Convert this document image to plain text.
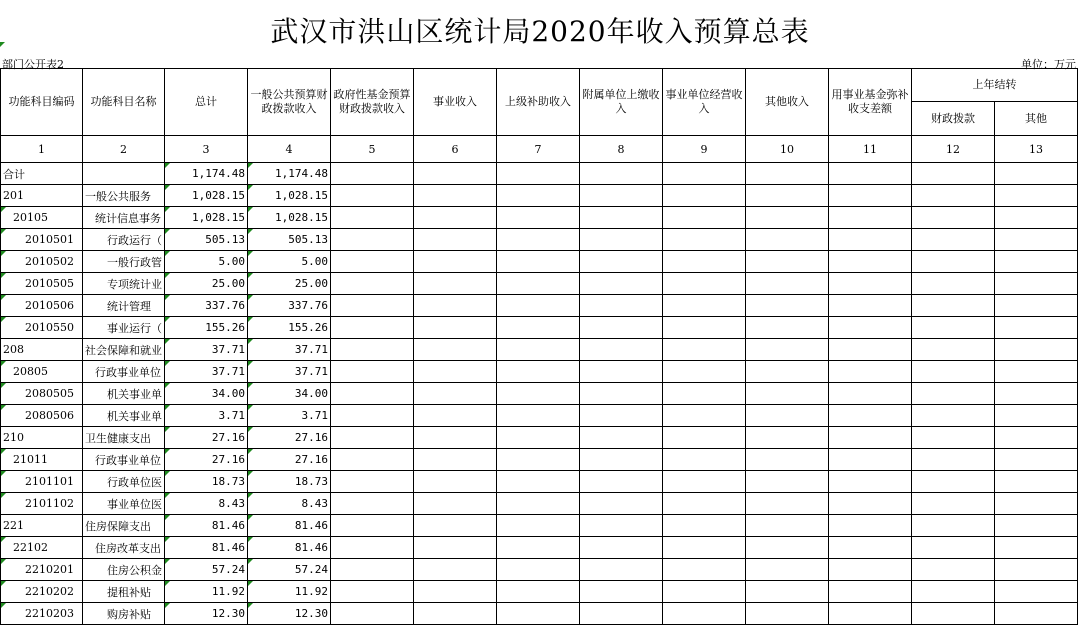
武汉市洪山区统计局2020年收入预算总表
部门公开表2	单位：万元
功能科目编码	功能科目名称	总计	一般公共预算财政拨款收入	政府性基金预算财政拨款收入	事业收入	上级补助收入	附属单位上缴收入	事业单位经营收入	其他收入	用事业基金弥补收支差额	上年结转	
											财政拨款	其他
1	2	3	4	5	6	7	8	9	10	11	12	13
合计		1,174.48	1,174.48									
201	一般公共服务	1,028.15	1,028.15									
20105	统计信息事务	1,028.15	1,028.15									
2010501	行政运行（	505.13	505.13									
2010502	一般行政管	5.00	5.00									
2010505	专项统计业	25.00	25.00									
2010506	统计管理	337.76	337.76									
2010550	事业运行（	155.26	155.26									
208	社会保障和就业	37.71	37.71									
20805	行政事业单位	37.71	37.71									
2080505	机关事业单	34.00	34.00									
2080506	机关事业单	3.71	3.71									
210	卫生健康支出	27.16	27.16									
21011	行政事业单位	27.16	27.16									
2101101	行政单位医	18.73	18.73									
2101102	事业单位医	8.43	8.43									
221	住房保障支出	81.46	81.46									
22102	住房改革支出	81.46	81.46									
2210201	住房公积金	57.24	57.24									
2210202	提租补贴	11.92	11.92									
2210203	购房补贴	12.30	12.30									
